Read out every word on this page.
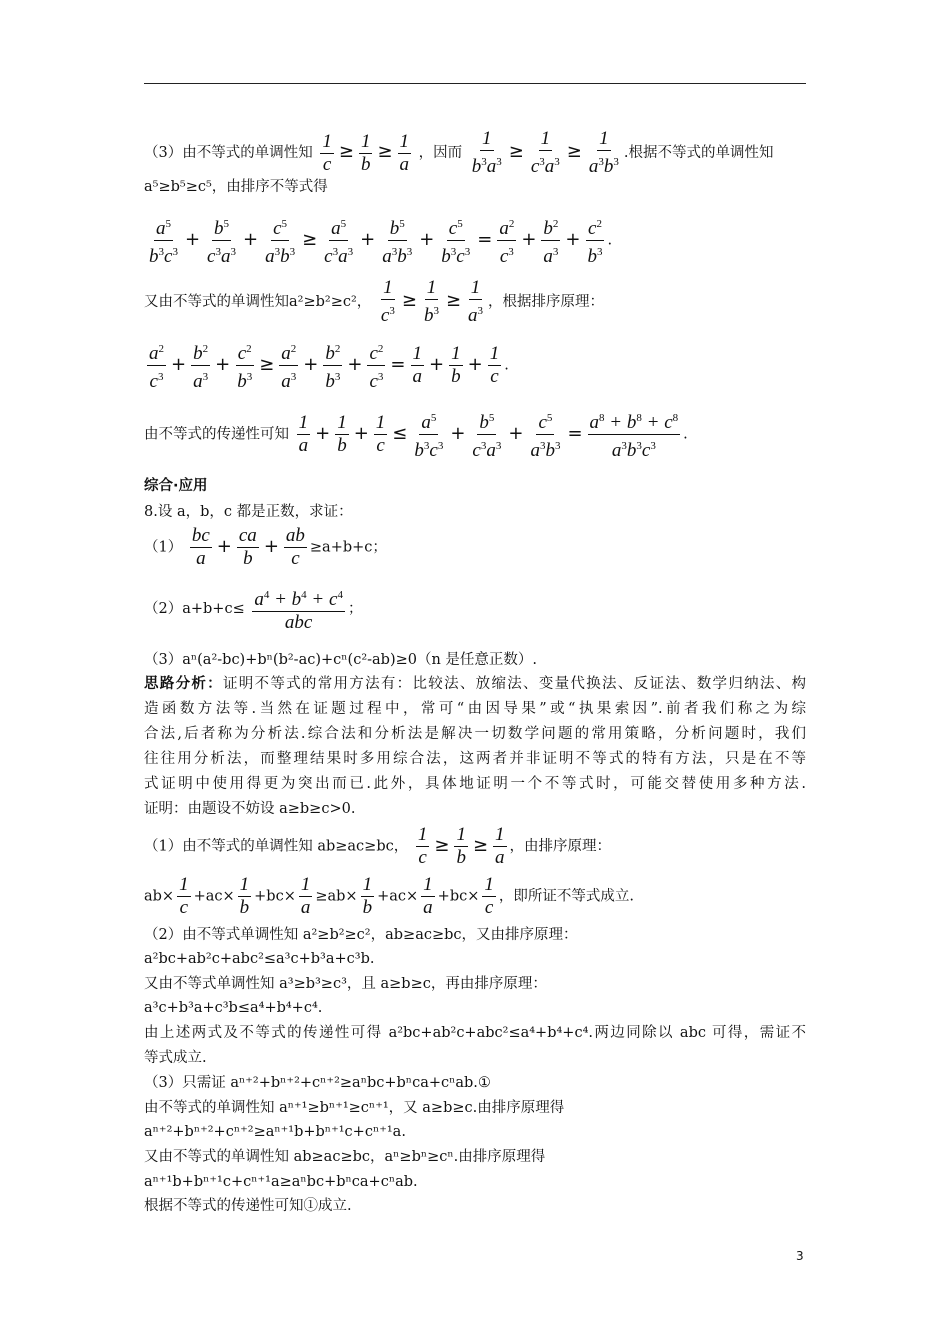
（3）由不等式的单调性知 $\frac{1}{c} \ge \frac{1}{b} \ge \frac{1}{a}$ ，因而 $\frac{1}{b^3a^3} \ge \frac{1}{c^3a^3} \ge \frac{1}{a^3b^3}$ .根据不等式的单调性知
a⁵≥b⁵≥c⁵，由排序不等式得
$\frac{a^5}{b^3c^3} + \frac{b^5}{c^3a^3} + \frac{c^5}{a^3b^3} \ge \frac{a^5}{c^3a^3} + \frac{b^5}{a^3b^3} + \frac{c^5}{b^3c^3} = \frac{a^2}{c^3} + \frac{b^2}{a^3} + \frac{c^2}{b^3}$ .
又由不等式的单调性知a²≥b²≥c²， $\frac{1}{c^3} \ge \frac{1}{b^3} \ge \frac{1}{a^3}$ ，根据排序原理：
$\frac{a^2}{c^3} + \frac{b^2}{a^3} + \frac{c^2}{b^3} \ge \frac{a^2}{a^3} + \frac{b^2}{b^3} + \frac{c^2}{c^3} = \frac{1}{a} + \frac{1}{b} + \frac{1}{c}$ .
由不等式的传递性可知 $\frac{1}{a} + \frac{1}{b} + \frac{1}{c} \le \frac{a^5}{b^3c^3} + \frac{b^5}{c^3a^3} + \frac{c^5}{a^3b^3} = \frac{a^8 + b^8 + c^8}{a^3b^3c^3}$ .
综合·应用
8.设 a，b，c 都是正数，求证：
$(1) \frac{bc}{a} + \frac{ca}{b} + \frac{ab}{c} \ge a+b+c$；
$(2)a+b+c\le \frac{a^4 + b^4 + c^4}{\text{abc}}$ ；
（3）aⁿ(a²-bc)+bⁿ(b²-ac)+cⁿ(c²-ab)≥0（n 是任意正数）.
思路分析：证明不等式的常用方法有：比较法、放缩法、变量代换法、反证法、数学归纳法、构
造函数方法等.当然在证题过程中，常可“由因导果”或“执果索因”.前者我们称之为综
合法,后者称为分析法.综合法和分析法是解决一切数学问题的常用策略，分析问题时，我们
往往用分析法，而整理结果时多用综合法，这两者并非证明不等式的特有方法，只是在不等
式证明中使用得更为突出而已.此外，具体地证明一个不等式时，可能交替使用多种方法.
证明：由题设不妨设 a≥b≥c>0.
（1）由不等式的单调性知 ab≥ac≥bc， $\frac{1}{c} \ge \frac{1}{b} \ge \frac{1}{a}$ ，由排序原理：
$ab\times \frac{1}{c} +ac\times \frac{1}{b} +bc\times \frac{1}{a} \ge ab\times \frac{1}{b} +ac\times \frac{1}{a} +bc\times \frac{1}{c}$ ，即所证不等式成立.
（2）由不等式单调性知 a²≥b²≥c²，ab≥ac≥bc，又由排序原理：
a²bc+ab²c+abc²≤a³c+b³a+c³b.
又由不等式单调性知 a³≥b³≥c³，且 a≥b≥c，再由排序原理：
a³c+b³a+c³b≤a⁴+b⁴+c⁴.
由上述两式及不等式的传递性可得 a²bc+ab²c+abc²≤a⁴+b⁴+c⁴.两边同除以 abc 可得，需证不
等式成立.
（3）只需证 aⁿ⁺²+bⁿ⁺²+cⁿ⁺²≥aⁿbc+bⁿca+cⁿab.①
由不等式的单调性知 aⁿ⁺¹≥bⁿ⁺¹≥cⁿ⁺¹，又 a≥b≥c.由排序原理得
aⁿ⁺²+bⁿ⁺²+cⁿ⁺²≥aⁿ⁺¹b+bⁿ⁺¹c+cⁿ⁺¹a.
又由不等式的单调性知 ab≥ac≥bc，aⁿ≥bⁿ≥cⁿ.由排序原理得
aⁿ⁺¹b+bⁿ⁺¹c+cⁿ⁺¹a≥aⁿbc+bⁿca+cⁿab.
根据不等式的传递性可知①成立.
3
